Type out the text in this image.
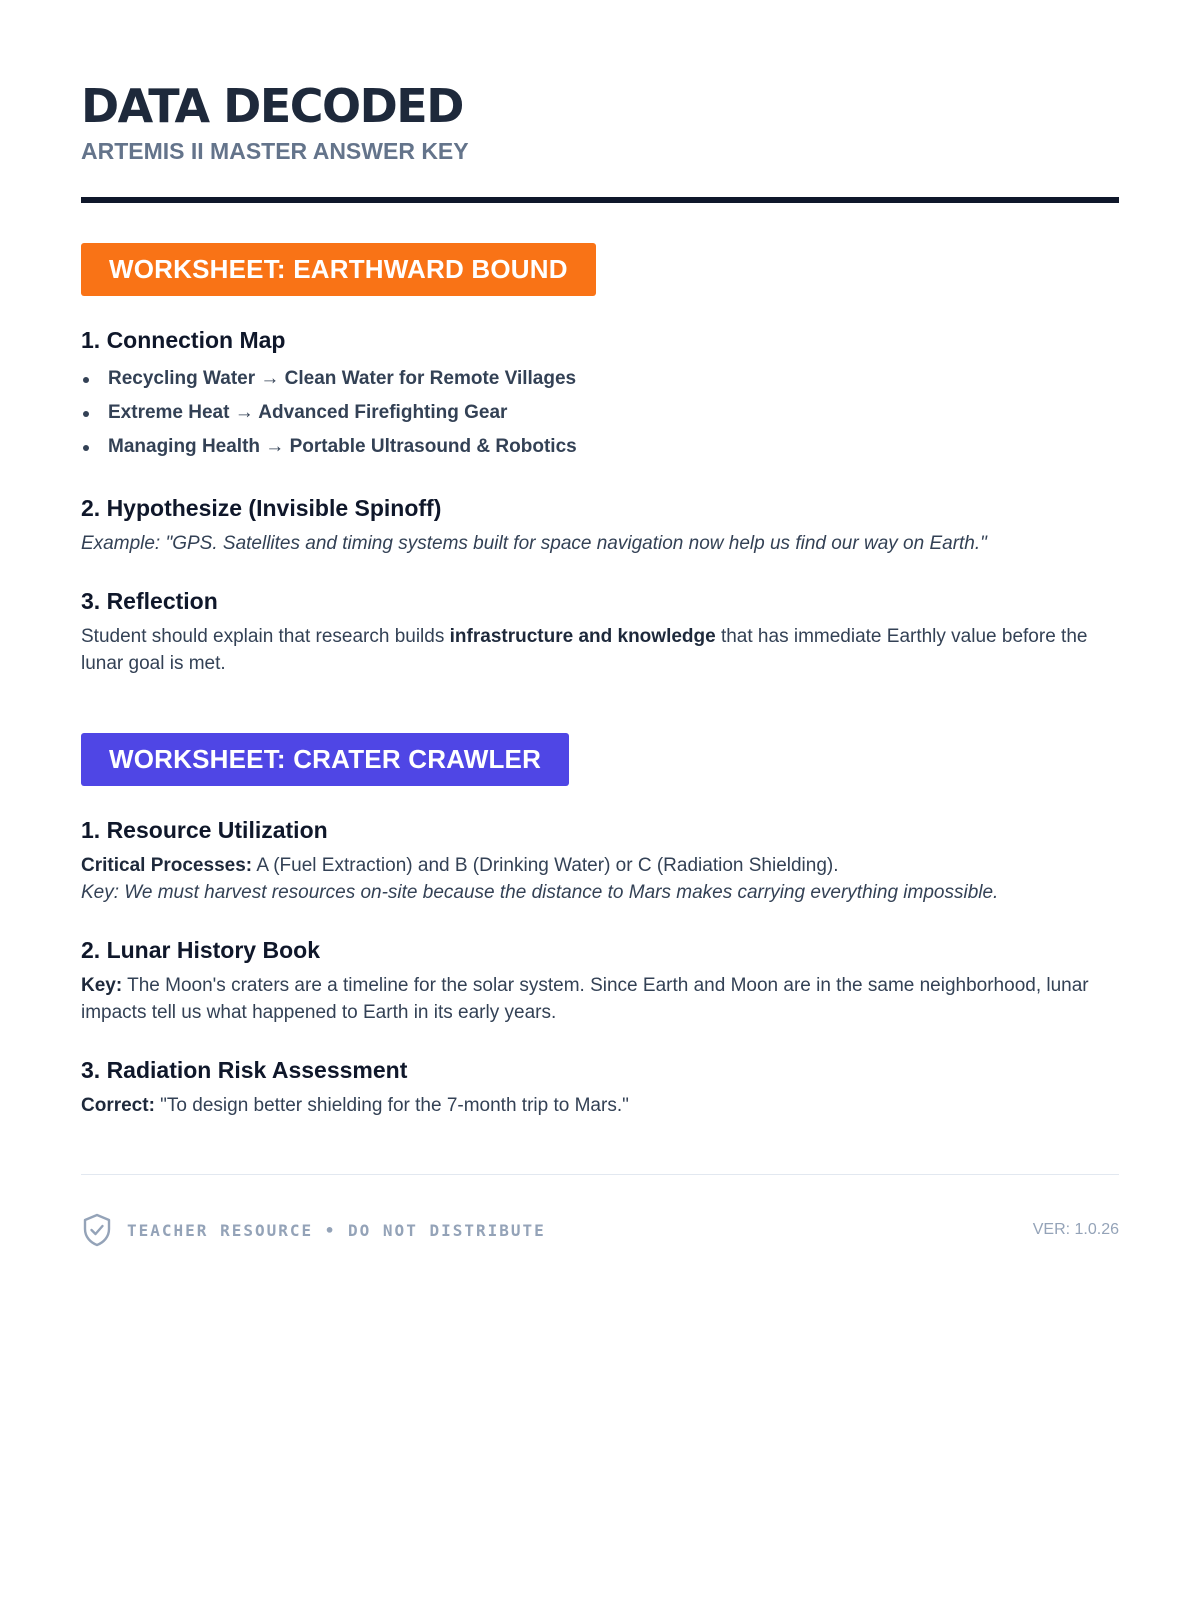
DATA DECODED
ARTEMIS II MASTER ANSWER KEY
WORKSHEET: EARTHWARD BOUND
1. Connection Map
Recycling Water → Clean Water for Remote Villages
Extreme Heat → Advanced Firefighting Gear
Managing Health → Portable Ultrasound & Robotics
2. Hypothesize (Invisible Spinoff)

Example: "GPS. Satellites and timing systems built for space navigation now help us find our way on Earth."

3. Reflection

Student should explain that research builds infrastructure and knowledge that has immediate Earthly value before the lunar goal is met.

WORKSHEET: CRATER CRAWLER
1. Resource Utilization

Critical Processes: A (Fuel Extraction) and B (Drinking Water) or C (Radiation Shielding).
Key: We must harvest resources on-site because the distance to Mars makes carrying everything impossible.

2. Lunar History Book

Key: The Moon's craters are a timeline for the solar system. Since Earth and Moon are in the same neighborhood, lunar impacts tell us what happened to Earth in its early years.

3. Radiation Risk Assessment

Correct: "To design better shielding for the 7-month trip to Mars."

TEACHER RESOURCE • DO NOT DISTRIBUTE	VER: 1.0.26
